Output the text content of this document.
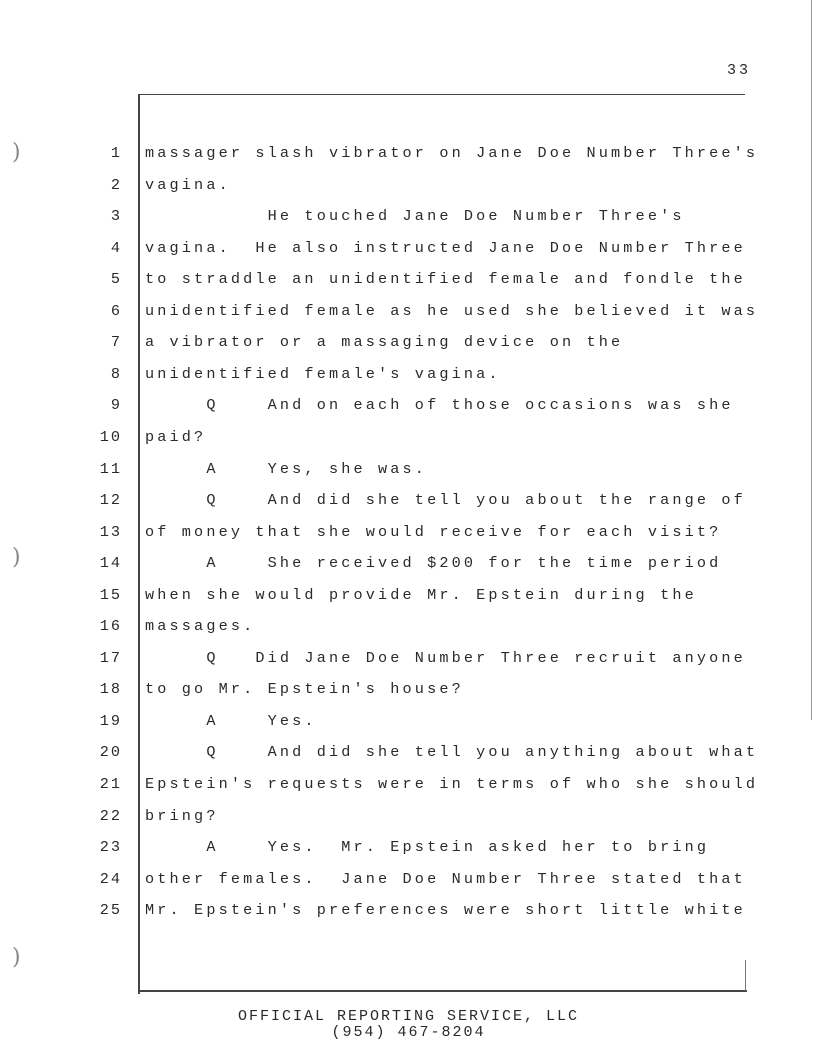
33
)
)
)
1 massager slash vibrator on Jane Doe Number Three's
2 vagina.
3 He touched Jane Doe Number Three's
4 vagina.  He also instructed Jane Doe Number Three
5 to straddle an unidentified female and fondle the
6 unidentified female as he used she believed it was
7 a vibrator or a massaging device on the
8 unidentified female's vagina.
9 Q    And on each of those occasions was she
10 paid?
11 A    Yes, she was.
12 Q    And did she tell you about the range of
13 of money that she would receive for each visit?
14 A    She received $200 for the time period
15 when she would provide Mr. Epstein during the
16 massages.
17 Q   Did Jane Doe Number Three recruit anyone
18 to go Mr. Epstein's house?
19 A    Yes.
20 Q    And did she tell you anything about what
21 Epstein's requests were in terms of who she should
22 bring?
23 A    Yes.  Mr. Epstein asked her to bring
24 other females.  Jane Doe Number Three stated that
25 Mr. Epstein's preferences were short little white
OFFICIAL REPORTING SERVICE, LLC
(954) 467-8204
